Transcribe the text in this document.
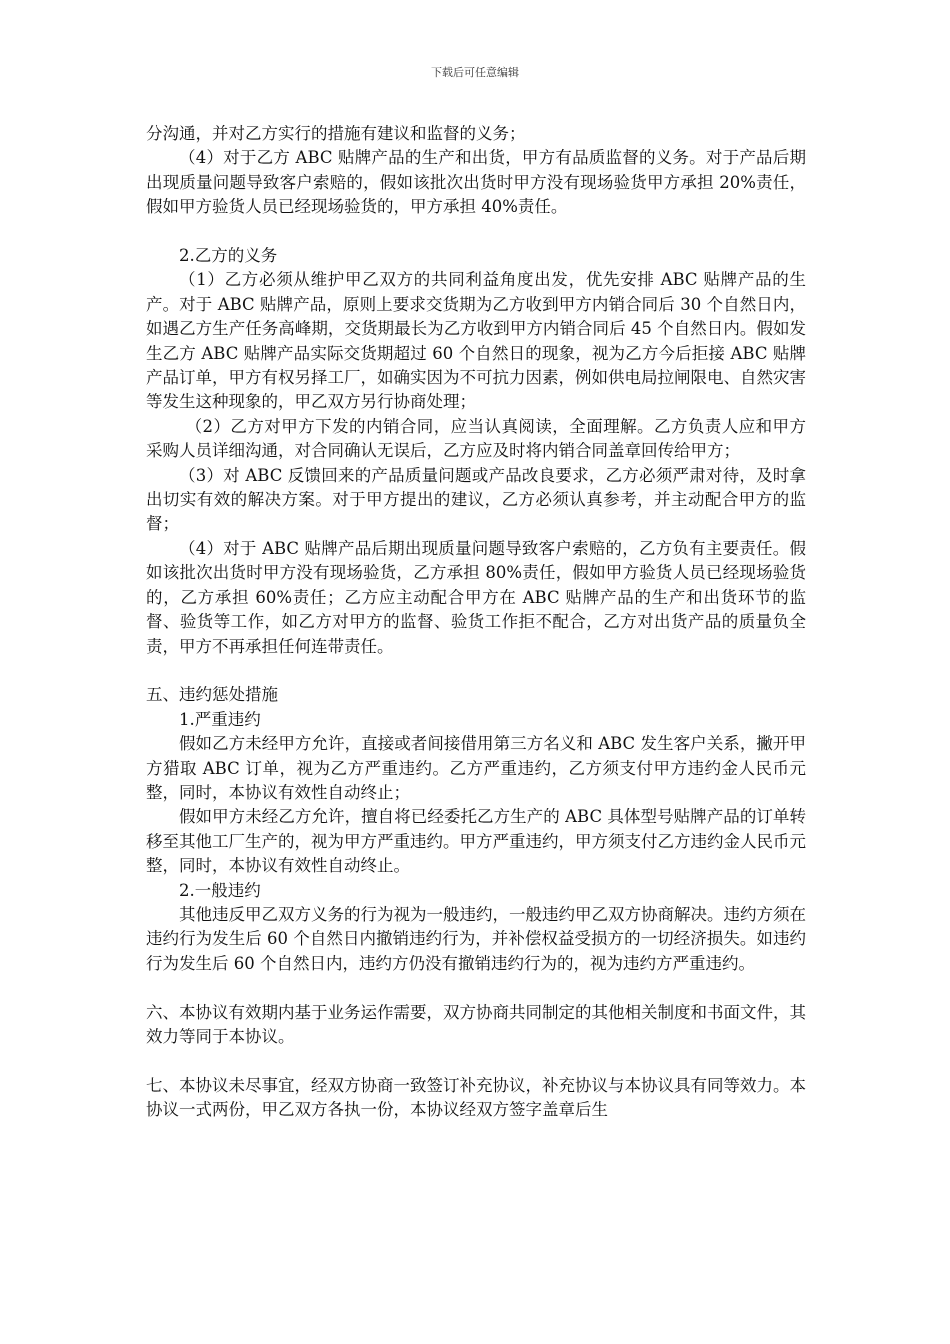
下载后可任意编辑

分沟通，并对乙方实行的措施有建议和监督的义务；

（4）对于乙方 ABC 贴牌产品的生产和出货，甲方有品质监督的义务。对于产品后期出现质量问题导致客户索赔的，假如该批次出货时甲方没有现场验货甲方承担 20%责任，假如甲方验货人员已经现场验货的，甲方承担 40%责任。

2.乙方的义务

（1）乙方必须从维护甲乙双方的共同利益角度出发，优先安排 ABC 贴牌产品的生产。对于 ABC 贴牌产品，原则上要求交货期为乙方收到甲方内销合同后 30 个自然日内，如遇乙方生产任务高峰期，交货期最长为乙方收到甲方内销合同后 45 个自然日内。假如发生乙方 ABC 贴牌产品实际交货期超过 60 个自然日的现象，视为乙方今后拒接 ABC 贴牌产品订单，甲方有权另择工厂，如确实因为不可抗力因素，例如供电局拉闸限电、自然灾害等发生这种现象的，甲乙双方另行协商处理；

（2）乙方对甲方下发的内销合同，应当认真阅读，全面理解。乙方负责人应和甲方采购人员详细沟通，对合同确认无误后，乙方应及时将内销合同盖章回传给甲方；

（3）对 ABC 反馈回来的产品质量问题或产品改良要求，乙方必须严肃对待，及时拿出切实有效的解决方案。对于甲方提出的建议，乙方必须认真参考，并主动配合甲方的监督；

（4）对于 ABC 贴牌产品后期出现质量问题导致客户索赔的，乙方负有主要责任。假如该批次出货时甲方没有现场验货，乙方承担 80%责任，假如甲方验货人员已经现场验货的，乙方承担 60%责任；乙方应主动配合甲方在 ABC 贴牌产品的生产和出货环节的监督、验货等工作，如乙方对甲方的监督、验货工作拒不配合，乙方对出货产品的质量负全责，甲方不再承担任何连带责任。

五、违约惩处措施

1.严重违约

假如乙方未经甲方允许，直接或者间接借用第三方名义和 ABC 发生客户关系，撇开甲方猎取 ABC 订单，视为乙方严重违约。乙方严重违约，乙方须支付甲方违约金人民币元整，同时，本协议有效性自动终止；

假如甲方未经乙方允许，擅自将已经委托乙方生产的 ABC 具体型号贴牌产品的订单转移至其他工厂生产的，视为甲方严重违约。甲方严重违约，甲方须支付乙方违约金人民币元整，同时，本协议有效性自动终止。

2.一般违约

其他违反甲乙双方义务的行为视为一般违约，一般违约甲乙双方协商解决。违约方须在违约行为发生后 60 个自然日内撤销违约行为，并补偿权益受损方的一切经济损失。如违约行为发生后 60 个自然日内，违约方仍没有撤销违约行为的，视为违约方严重违约。

六、本协议有效期内基于业务运作需要，双方协商共同制定的其他相关制度和书面文件，其效力等同于本协议。

七、本协议未尽事宜，经双方协商一致签订补充协议，补充协议与本协议具有同等效力。本协议一式两份，甲乙双方各执一份，本协议经双方签字盖章后生
